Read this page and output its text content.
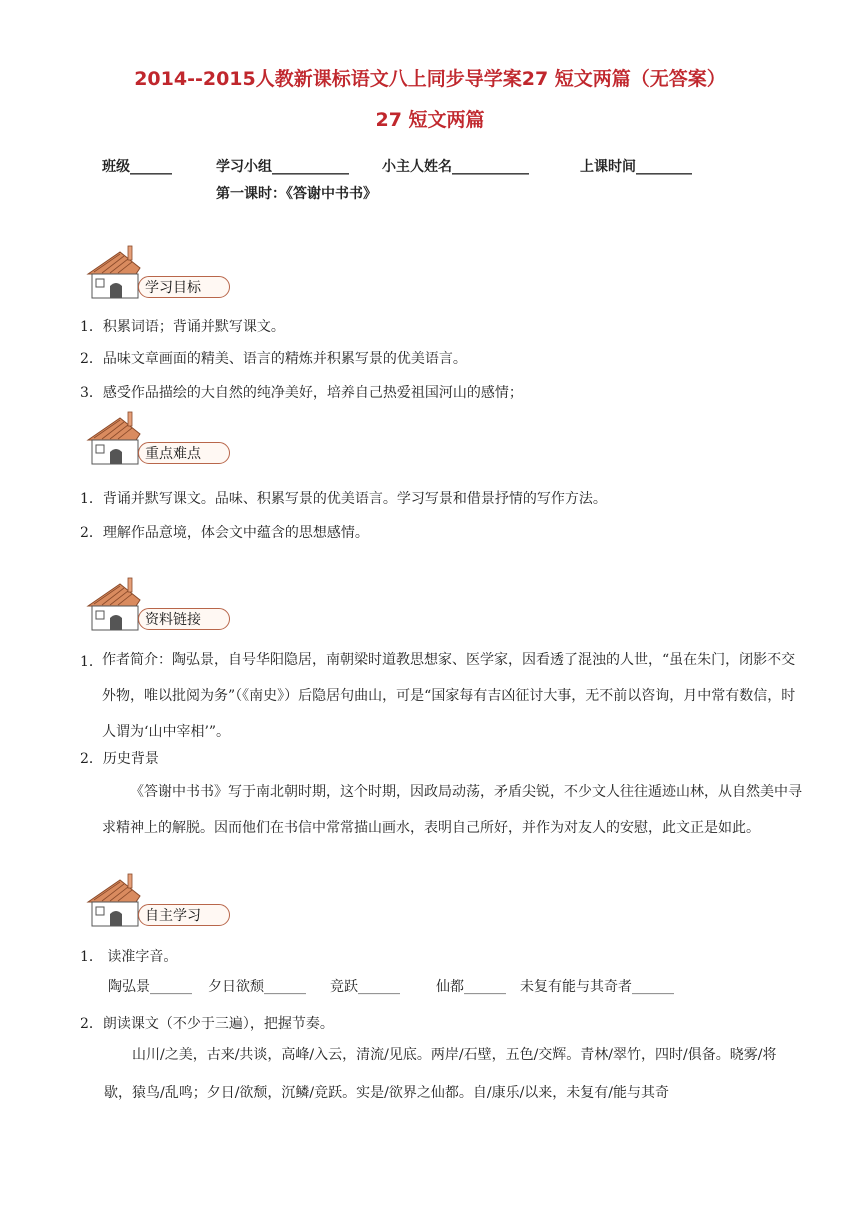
2014--2015人教新课标语文八上同步导学案27 短文两篇（无答案）
27 短文两篇
班级______	学习小组___________ 小主人姓名___________	上课时间________
第一课时：《答谢中书书》
学习目标
1．积累词语；背诵并默写课文。
2．品味文章画面的精美、语言的精炼并积累写景的优美语言。
3．感受作品描绘的大自然的纯净美好，培养自己热爱祖国河山的感情；
重点难点
1．背诵并默写课文。品味、积累写景的优美语言。学习写景和借景抒情的写作方法。
2．理解作品意境，体会文中蕴含的思想感情。
资料链接
1． 作者简介：陶弘景，自号华阳隐居，南朝梁时道教思想家、医学家，因看透了混浊的人世，“虽在朱门，闭影不交外物，唯以批阅为务”（《南史》）后隐居句曲山，可是“国家每有吉凶征讨大事，无不前以咨询，月中常有数信，时人谓为‘山中宰相’”。
2．历史背景
《答谢中书书》写于南北朝时期，这个时期，因政局动荡，矛盾尖锐，不少文人往往遁迹山林，从自然美中寻求精神上的解脱。因而他们在书信中常常描山画水，表明自己所好，并作为对友人的安慰，此文正是如此。
自主学习
1． 读准字音。
陶弘景______ 夕日欲颓______ 竞跃______	仙都______ 未复有能与其奇者______
2．朗读课文（不少于三遍），把握节奏。
山川/之美，古来/共谈，高峰/入云，清流/见底。两岸/石壁，五色/交辉。青林/翠竹，四时/俱备。晓雾/将歇，猿鸟/乱鸣；夕日/欲颓，沉鳞/竞跃。实是/欲界之仙都。自/康乐/以来，未复有/能与其奇
